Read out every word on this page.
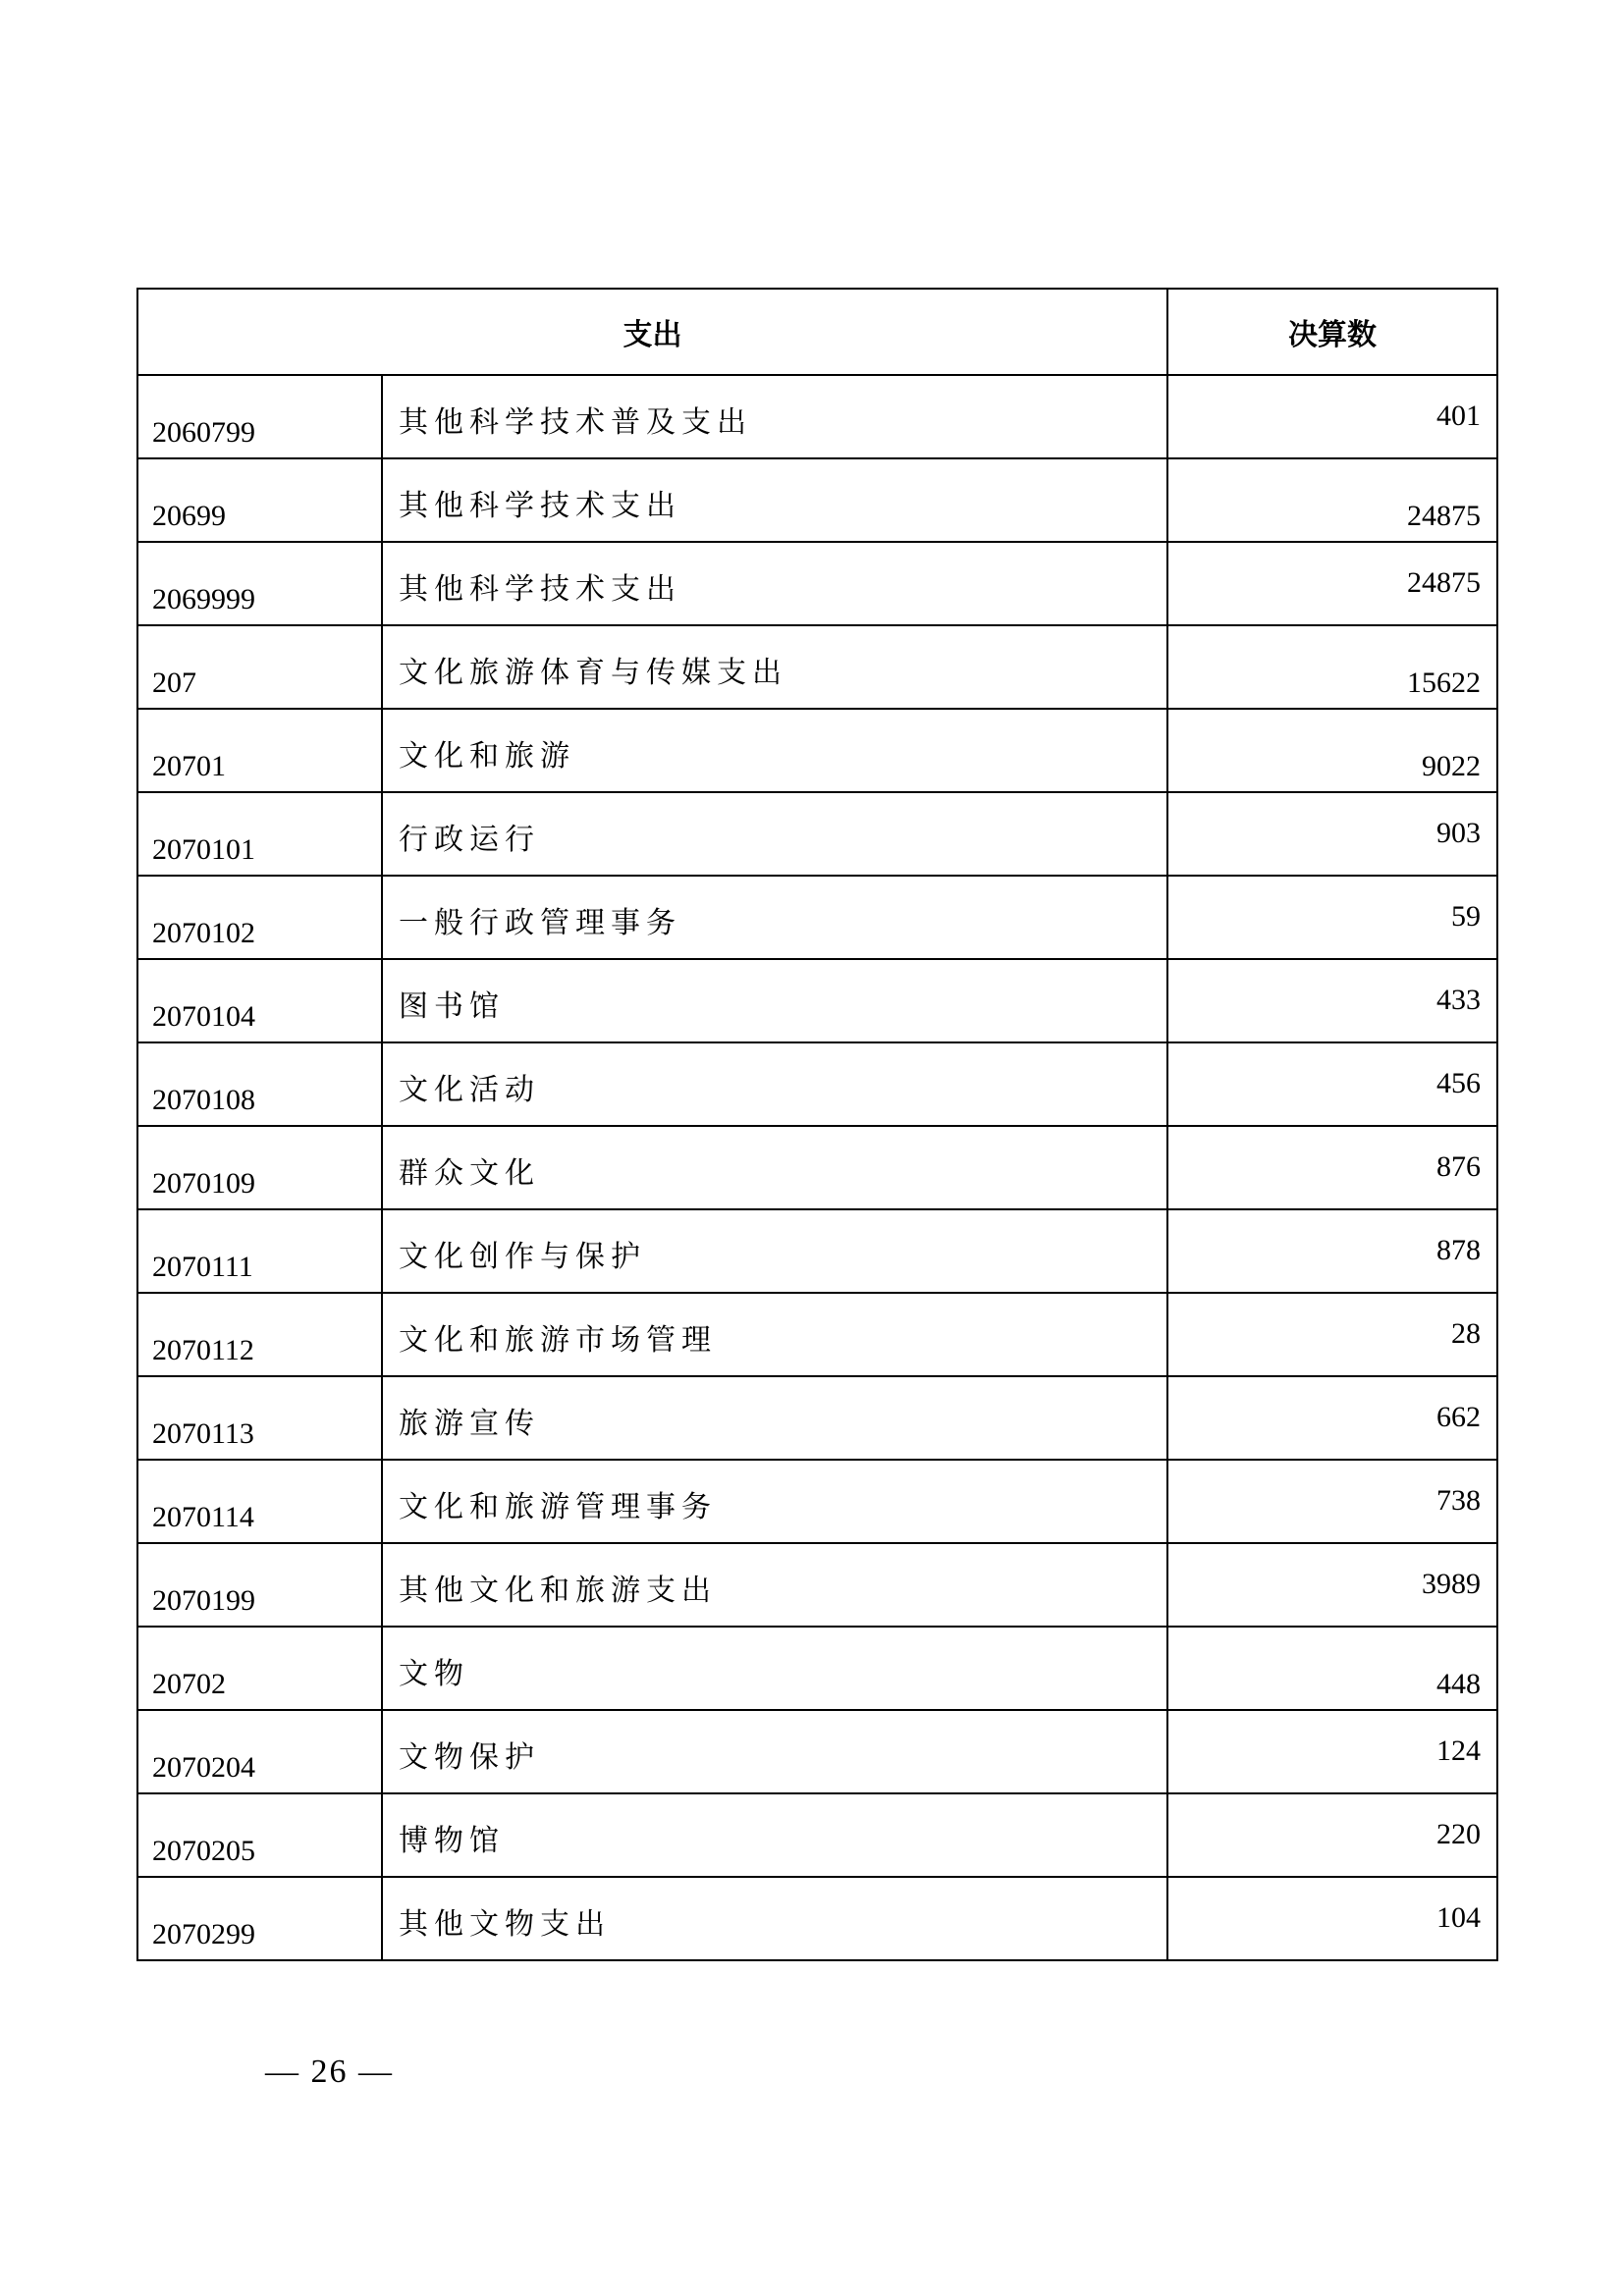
支出		决算数
2060799	其他科学技术普及支出	401
20699	其他科学技术支出	24875
2069999	其他科学技术支出	24875
207	文化旅游体育与传媒支出	15622
20701	文化和旅游	9022
2070101	行政运行	903
2070102	一般行政管理事务	59
2070104	图书馆	433
2070108	文化活动	456
2070109	群众文化	876
2070111	文化创作与保护	878
2070112	文化和旅游市场管理	28
2070113	旅游宣传	662
2070114	文化和旅游管理事务	738
2070199	其他文化和旅游支出	3989
20702	文物	448
2070204	文物保护	124
2070205	博物馆	220
2070299	其他文物支出	104
— 26 —
